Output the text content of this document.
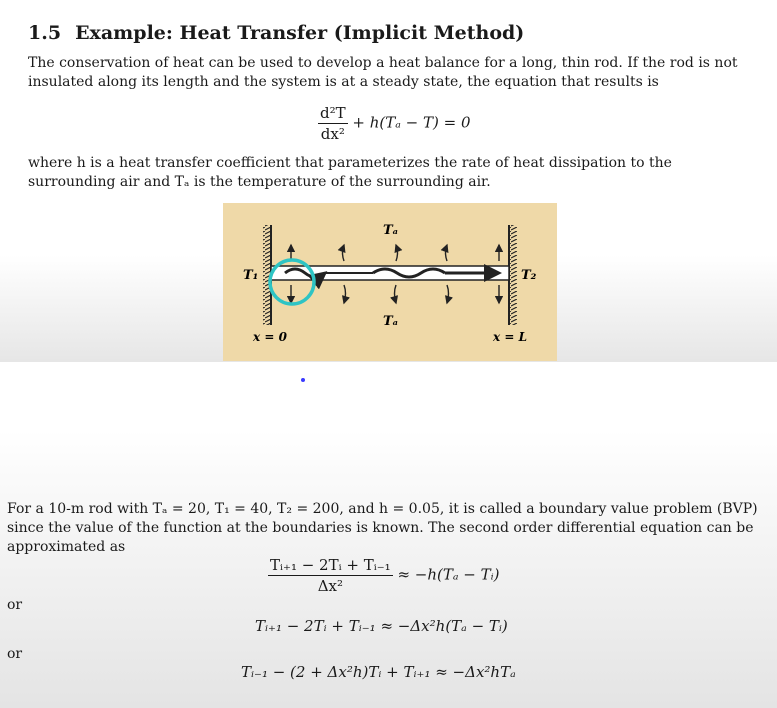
1.5 Example: Heat Transfer (Implicit Method)

The conservation of heat can be used to develop a heat balance for a long, thin rod. If the rod is not insulated along its length and the system is at a steady state, the equation that results is

$\frac{\text{d²T}}{\text{dx²}} + h(T_a - T) = 0$

where h is a heat transfer coefficient that parameterizes the rate of heat dissipation to the surrounding air and Tₐ is the temperature of the surrounding air.

Tₐ
Tₐ
T₁	T₂
x = 0	x = L

For a 10-m rod with Tₐ = 20, T₁ = 40, T₂ = 200, and h = 0.05, it is called a boundary value problem (BVP) since the value of the function at the boundaries is known. The second order differential equation can be approximated as

$\frac{\text{Tᵢ₊₁ − 2Tᵢ + Tᵢ₋₁}}{\text{Δx²}} \approx -h(T_a$ − Tᵢ)
or
Tᵢ₊₁ − 2Tᵢ + Tᵢ₋₁ ≈ −Δx²h(Tₐ − Tᵢ)
or
Tᵢ₋₁ − (2 + Δx²h)Tᵢ + Tᵢ₊₁ ≈ −Δx²hTₐ
